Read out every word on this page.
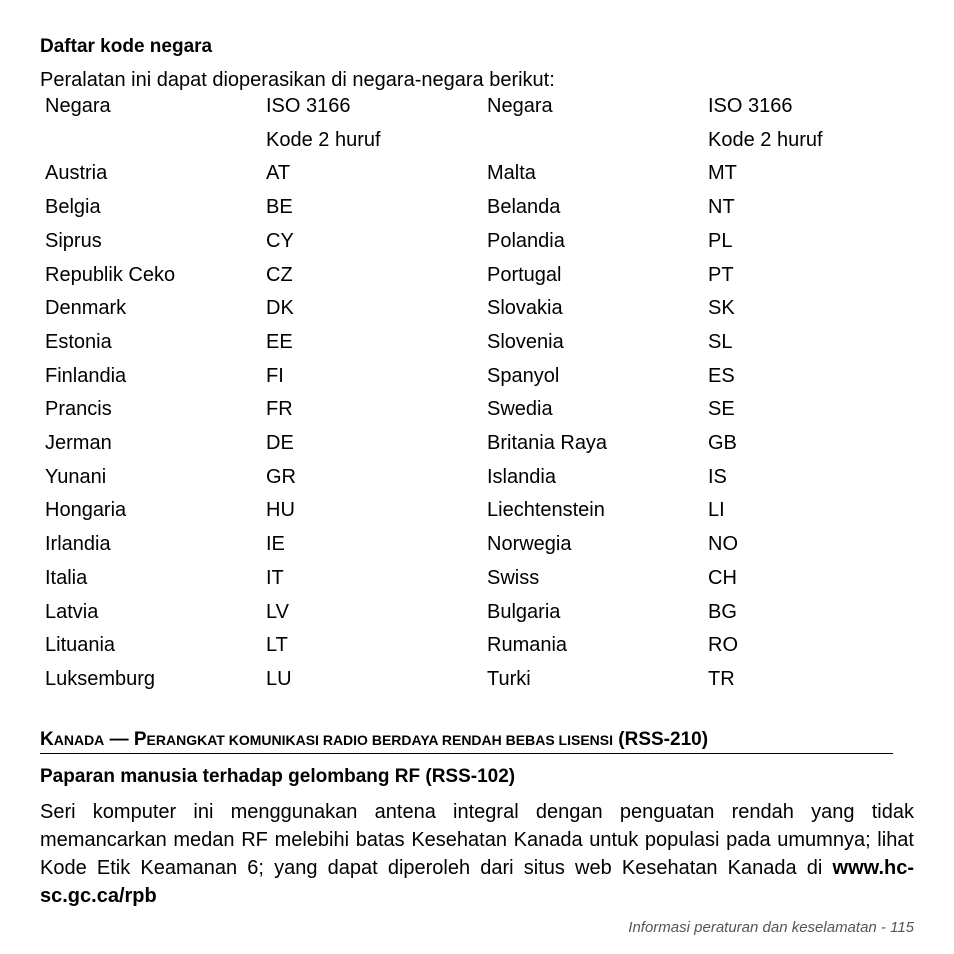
Daftar kode negara
Peralatan ini dapat dioperasikan di negara-negara berikut:
Negara	ISO 3166	Negara	ISO 3166
	Kode 2 huruf		Kode 2 huruf
Austria	AT	Malta	MT
Belgia	BE	Belanda	NT
Siprus	CY	Polandia	PL
Republik Ceko	CZ	Portugal	PT
Denmark	DK	Slovakia	SK
Estonia	EE	Slovenia	SL
Finlandia	FI	Spanyol	ES
Prancis	FR	Swedia	SE
Jerman	DE	Britania Raya	GB
Yunani	GR	Islandia	IS
Hongaria	HU	Liechtenstein	LI
Irlandia	IE	Norwegia	NO
Italia	IT	Swiss	CH
Latvia	LV	Bulgaria	BG
Lituania	LT	Rumania	RO
Luksemburg	LU	Turki	TR
KANADA — PERANGKAT KOMUNIKASI RADIO BERDAYA RENDAH BEBAS LISENSI (RSS-210)
Paparan manusia terhadap gelombang RF (RSS-102)
Seri komputer ini menggunakan antena integral dengan penguatan rendah yang tidak memancarkan medan RF melebihi batas Kesehatan Kanada untuk populasi pada umumnya; lihat Kode Etik Keamanan 6; yang dapat diperoleh dari situs web Kesehatan Kanada di www.hc-sc.gc.ca/rpb
Informasi peraturan dan keselamatan - 115
